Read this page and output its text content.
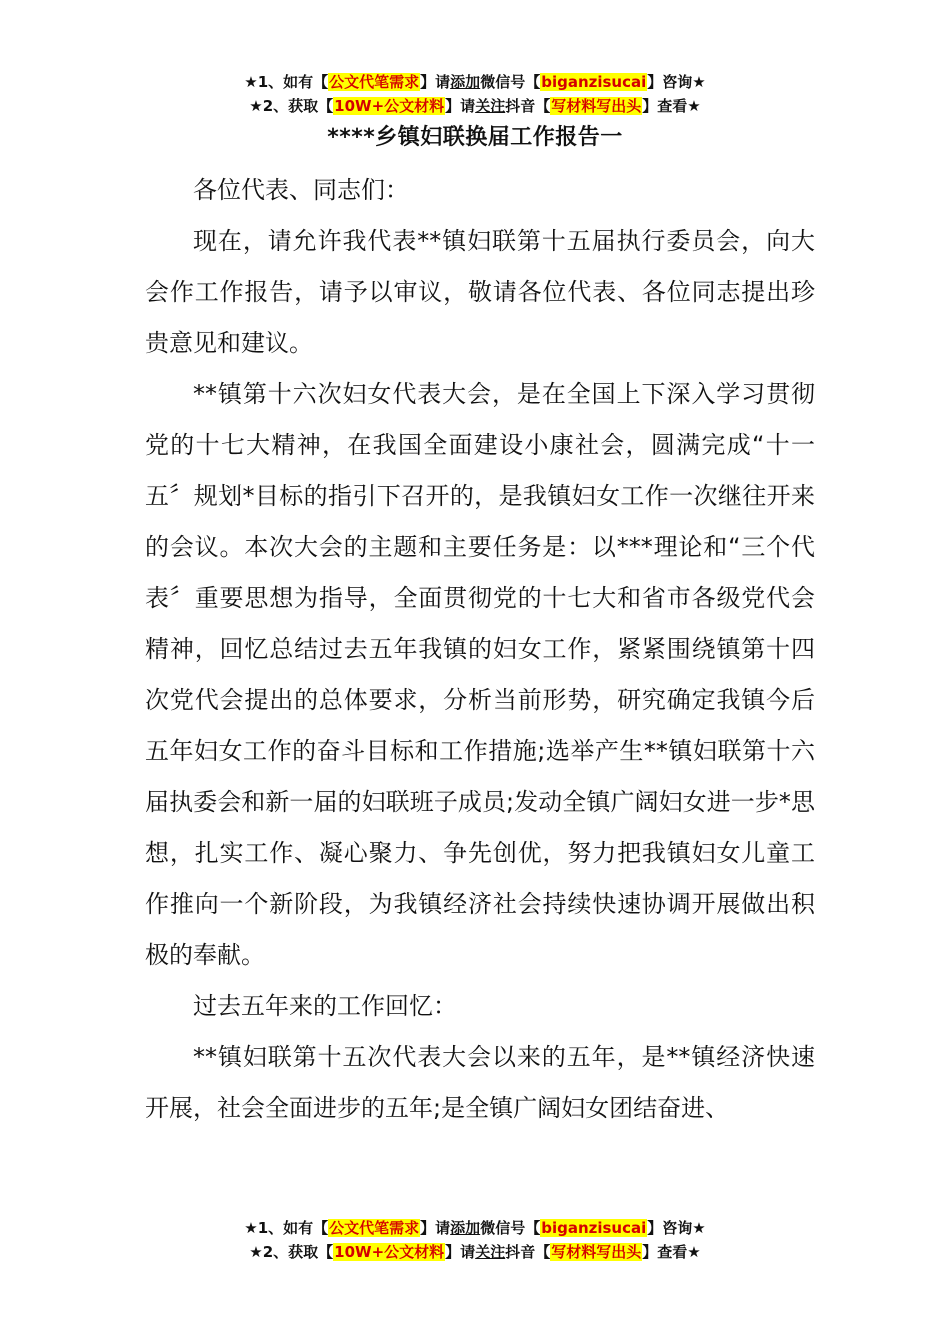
★1、如有【公文代笔需求】请添加微信号【biganzisucai】咨询★
★2、获取【10W+公文材料】请关注抖音【写材料写出头】查看★
****乡镇妇联换届工作报告一

各位代表、同志们：

现在，请允许我代表**镇妇联第十五届执行委员会，向大会作工作报告，请予以审议，敬请各位代表、各位同志提出珍贵意见和建议。

**镇第十六次妇女代表大会，是在全国上下深入学习贯彻党的十七大精神，在我国全面建设小康社会，圆满完成“十一五〞规划*目标的指引下召开的，是我镇妇女工作一次继往开来的会议。本次大会的主题和主要任务是：以***理论和“三个代表〞重要思想为指导，全面贯彻党的十七大和省市各级党代会精神，回忆总结过去五年我镇的妇女工作，紧紧围绕镇第十四次党代会提出的总体要求，分析当前形势，研究确定我镇今后五年妇女工作的奋斗目标和工作措施;选举产生**镇妇联第十六届执委会和新一届的妇联班子成员;发动全镇广阔妇女进一步*思想，扎实工作、凝心聚力、争先创优，努力把我镇妇女儿童工作推向一个新阶段，为我镇经济社会持续快速协调开展做出积极的奉献。

过去五年来的工作回忆：

**镇妇联第十五次代表大会以来的五年，是**镇经济快速开展，社会全面进步的五年;是全镇广阔妇女团结奋进、

★1、如有【公文代笔需求】请添加微信号【biganzisucai】咨询★
★2、获取【10W+公文材料】请关注抖音【写材料写出头】查看★
